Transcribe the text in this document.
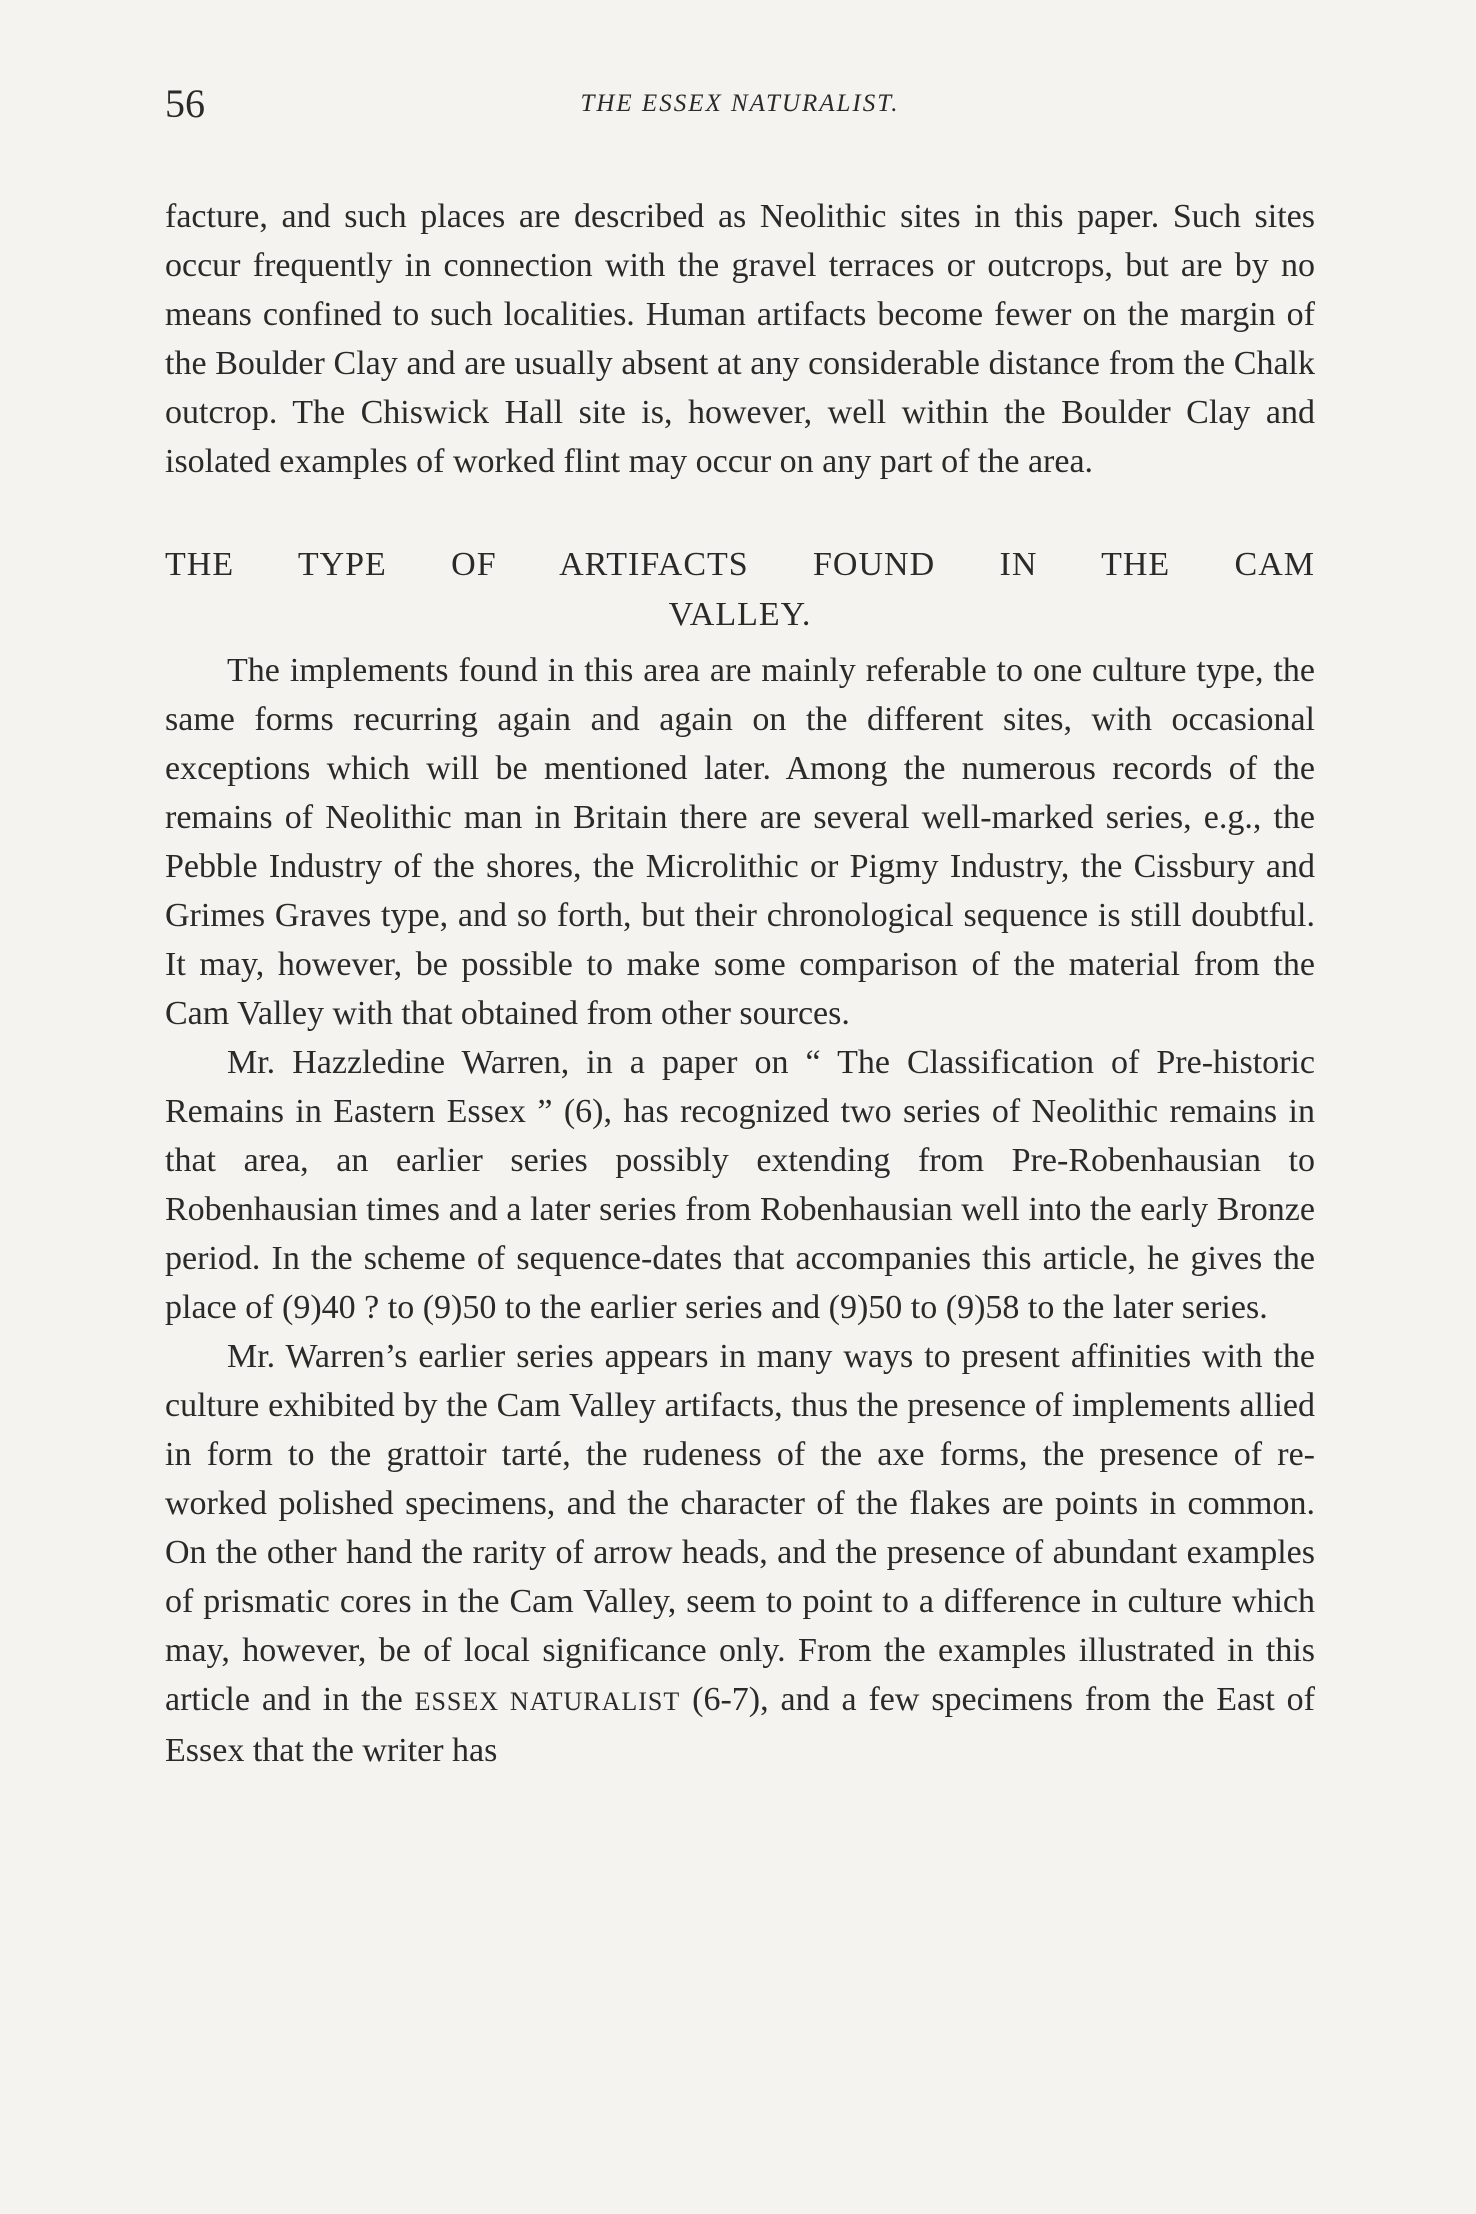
56	THE ESSEX NATURALIST.

facture, and such places are described as Neolithic sites in this paper. Such sites occur frequently in connection with the gravel terraces or outcrops, but are by no means confined to such localities. Human artifacts become fewer on the margin of the Boulder Clay and are usually absent at any considerable distance from the Chalk outcrop. The Chiswick Hall site is, however, well within the Boulder Clay and isolated examples of worked flint may occur on any part of the area.

THE TYPE OF ARTIFACTS FOUND IN THE CAM
VALLEY.

The implements found in this area are mainly referable to one culture type, the same forms recurring again and again on the different sites, with occasional exceptions which will be mentioned later. Among the numerous records of the remains of Neolithic man in Britain there are several well-marked series, e.g., the Pebble Industry of the shores, the Microlithic or Pigmy Industry, the Cissbury and Grimes Graves type, and so forth, but their chronological sequence is still doubtful. It may, however, be possible to make some comparison of the material from the Cam Valley with that obtained from other sources.

Mr. Hazzledine Warren, in a paper on “ The Classification of Pre-historic Remains in Eastern Essex ” (6), has recognized two series of Neolithic remains in that area, an earlier series possibly extending from Pre-Robenhausian to Robenhausian times and a later series from Robenhausian well into the early Bronze period. In the scheme of sequence-dates that accompanies this article, he gives the place of (9)40 ? to (9)50 to the earlier series and (9)50 to (9)58 to the later series.

Mr. Warren’s earlier series appears in many ways to present affinities with the culture exhibited by the Cam Valley artifacts, thus the presence of implements allied in form to the grattoir tarté, the rudeness of the axe forms, the presence of re-worked polished specimens, and the character of the flakes are points in common. On the other hand the rarity of arrow heads, and the presence of abundant examples of prismatic cores in the Cam Valley, seem to point to a difference in culture which may, however, be of local significance only. From the examples illustrated in this article and in the ESSEX NATURALIST (6-7), and a few specimens from the East of Essex that the writer has
